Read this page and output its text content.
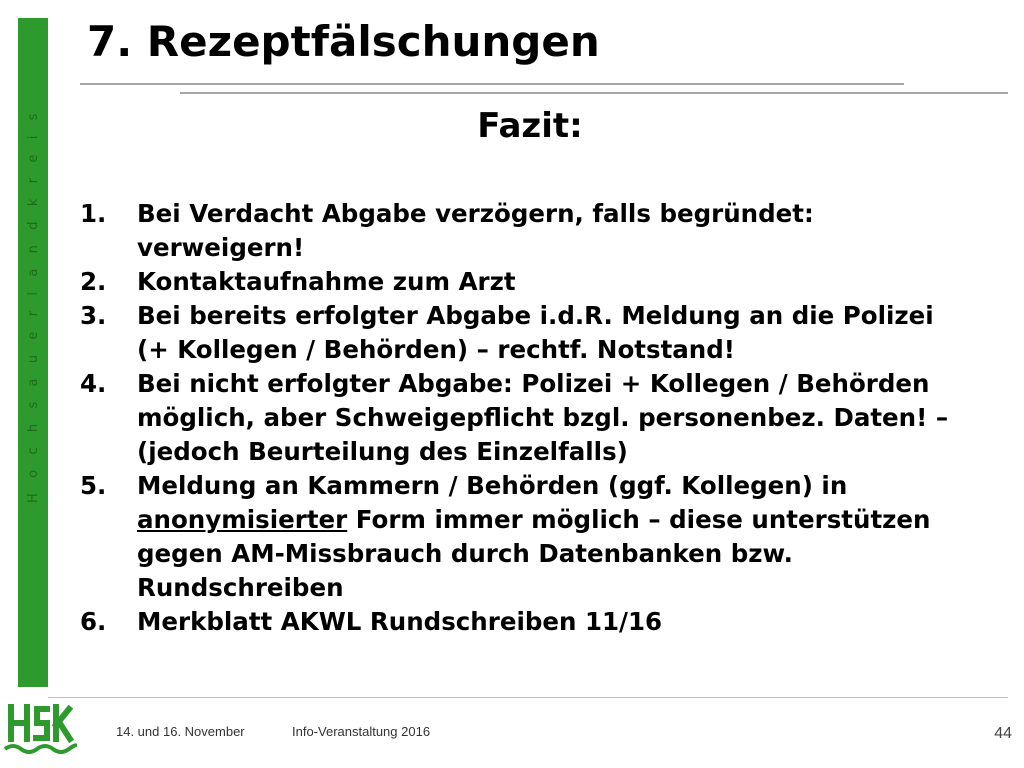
H o c h s a u e r l a n d k r e i s
7. Rezeptfälschungen
Fazit:
1.	Bei Verdacht Abgabe verzögern, falls begründet: verweigern!
2.	Kontaktaufnahme zum Arzt
3.	Bei bereits erfolgter Abgabe i.d.R. Meldung an die Polizei (+ Kollegen / Behörden) – rechtf. Notstand!
4.	Bei nicht erfolgter Abgabe: Polizei + Kollegen / Behörden möglich, aber Schweigepflicht bzgl. personenbez. Daten! – (jedoch Beurteilung des Einzelfalls)
5.	Meldung an Kammern / Behörden (ggf. Kollegen) in anonymisierter Form immer möglich – diese unterstützen gegen AM-Missbrauch durch Datenbanken bzw. Rundschreiben
6.	Merkblatt AKWL Rundschreiben 11/16
14. und 16. November	Info-Veranstaltung 2016	44
